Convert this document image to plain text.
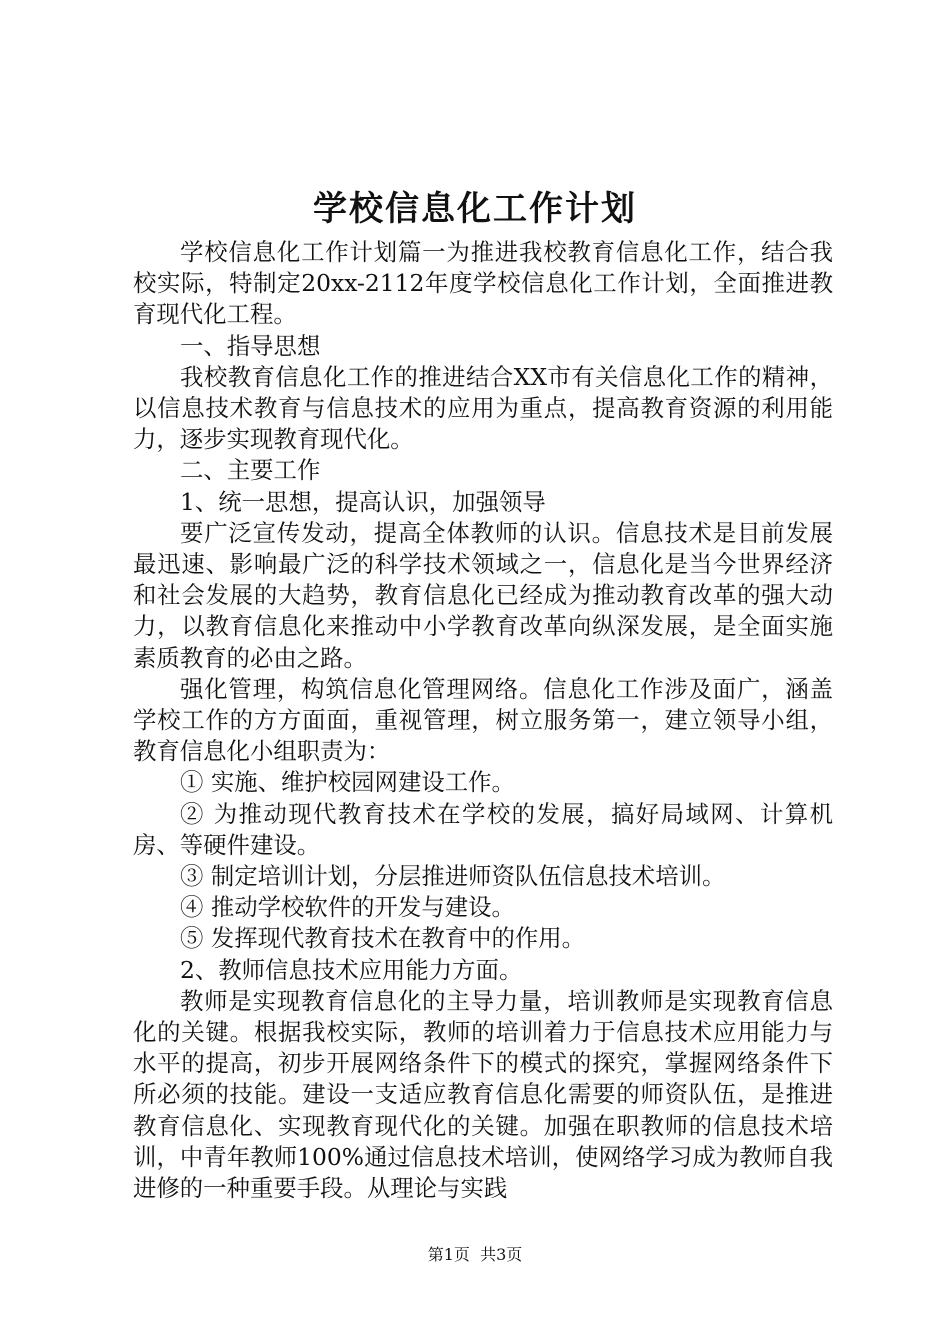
学校信息化工作计划

学校信息化工作计划篇一为推进我校教育信息化工作，结合我校实际，特制定20xx-2112年度学校信息化工作计划，全面推进教育现代化工程。

一、指导思想

我校教育信息化工作的推进结合XX市有关信息化工作的精神，以信息技术教育与信息技术的应用为重点，提高教育资源的利用能力，逐步实现教育现代化。

二、主要工作

1、统一思想，提高认识，加强领导

要广泛宣传发动，提高全体教师的认识。信息技术是目前发展最迅速、影响最广泛的科学技术领域之一，信息化是当今世界经济和社会发展的大趋势，教育信息化已经成为推动教育改革的强大动力，以教育信息化来推动中小学教育改革向纵深发展，是全面实施素质教育的必由之路。

强化管理，构筑信息化管理网络。信息化工作涉及面广，涵盖学校工作的方方面面，重视管理，树立服务第一，建立领导小组，教育信息化小组职责为：

① 实施、维护校园网建设工作。

② 为推动现代教育技术在学校的发展，搞好局域网、计算机房、等硬件建设。

③ 制定培训计划，分层推进师资队伍信息技术培训。

④ 推动学校软件的开发与建设。

⑤ 发挥现代教育技术在教育中的作用。

2、教师信息技术应用能力方面。

教师是实现教育信息化的主导力量，培训教师是实现教育信息化的关键。根据我校实际，教师的培训着力于信息技术应用能力与水平的提高，初步开展网络条件下的模式的探究，掌握网络条件下所必须的技能。建设一支适应教育信息化需要的师资队伍，是推进教育信息化、实现教育现代化的关键。加强在职教师的信息技术培训，中青年教师100%通过信息技术培训，使网络学习成为教师自我进修的一种重要手段。从理论与实践

第1页  共3页
